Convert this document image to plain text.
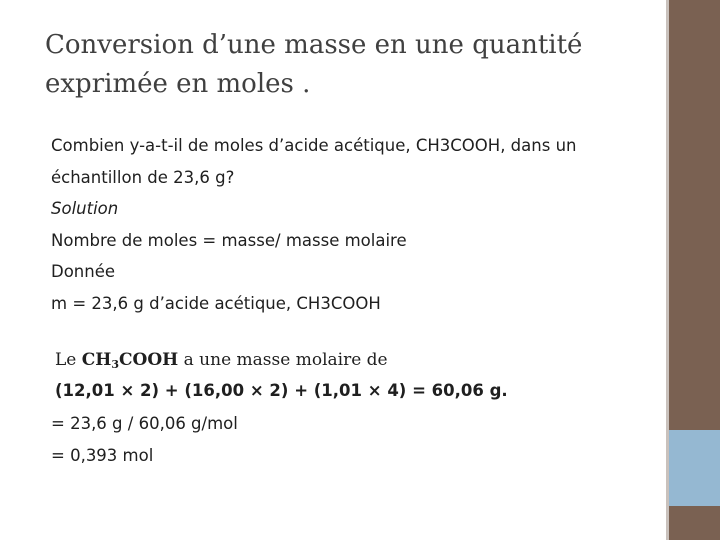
Conversion d’une masse en une quantité exprimée en moles .

Combien y-a-t-il de moles d’acide acétique, CH3COOH, dans un échantillon de 23,6 g?

Solution

Nombre de moles = masse/ masse molaire

Donnée

m = 23,6 g d’acide acétique, CH3COOH

Le $CH_3COOH$ a une masse molaire de
(12,01 × 2) + (16,00 × 2) + (1,01 × 4) = 60,06 g.

= 23,6 g / 60,06 g/mol

= 0,393 mol
